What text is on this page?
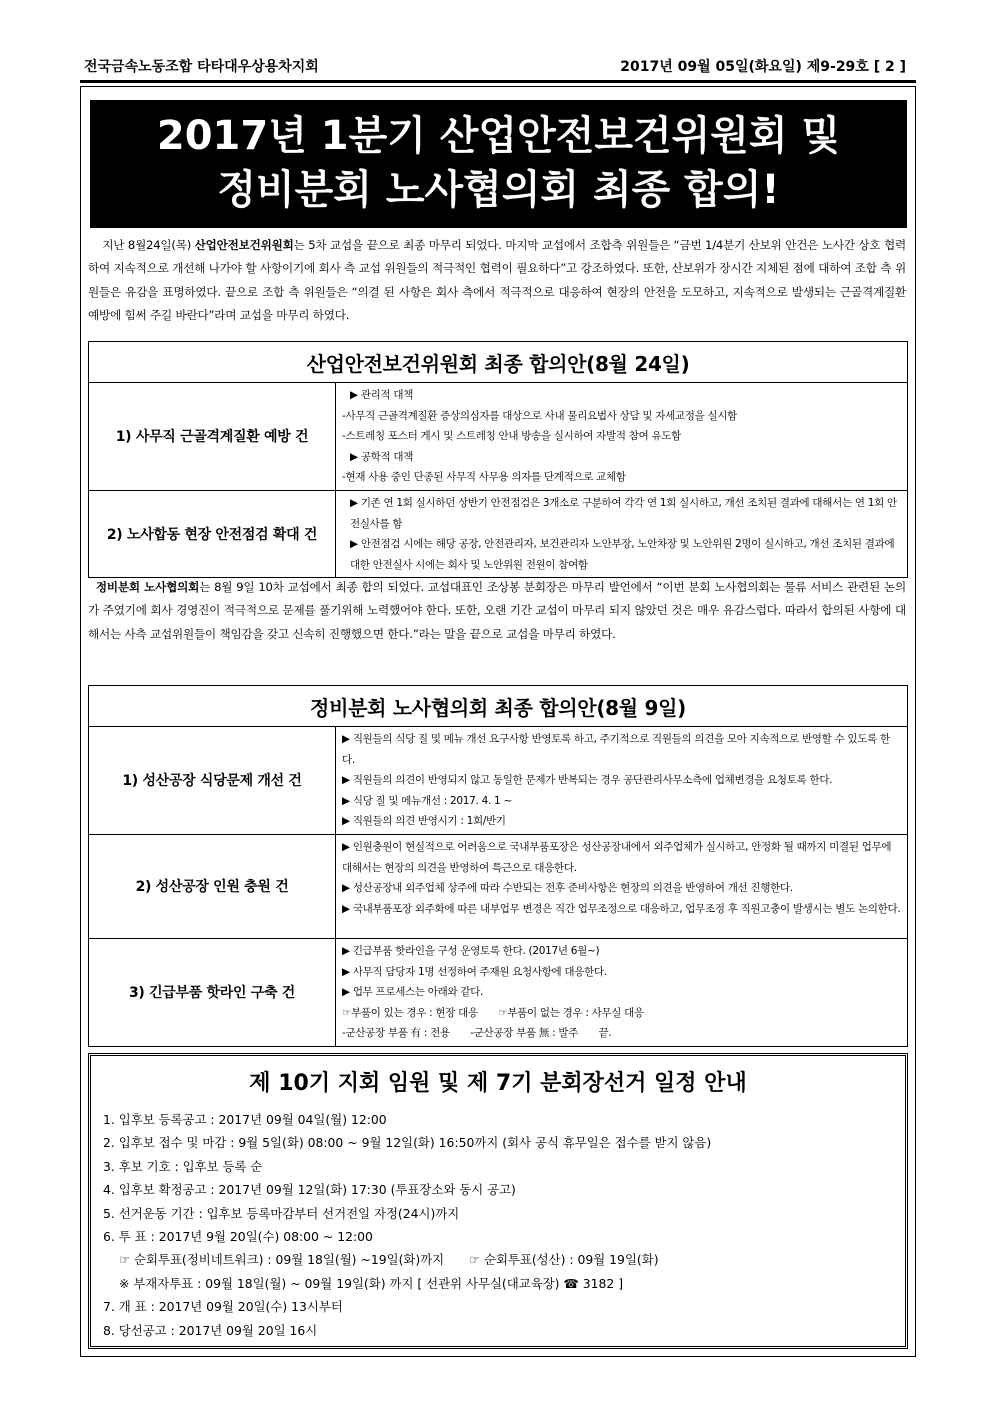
전국금속노동조합 타타대우상용차지회	2017년 09월 05일(화요일) 제9-29호 [ 2 ]
2017년 1분기 산업안전보건위원회 및
정비분회 노사협의회 최종 합의!
지난 8월24일(목) 산업안전보건위원회는 5차 교섭을 끝으로 최종 마무리 되었다. 마지막 교섭에서 조합측 위원들은 “금번 1/4분기 산보위 안건은 노사간 상호 협력하여 지속적으로 개선해 나가야 할 사항이기에 회사 측 교섭 위원들의 적극적인 협력이 필요하다”고 강조하였다. 또한, 산보위가 장시간 지체된 점에 대하여 조합 측 위원들은 유감을 표명하였다. 끝으로 조합 측 위원들은 “의결 된 사항은 회사 측에서 적극적으로 대응하여 현장의 안전을 도모하고, 지속적으로 발생되는 근골격계질환 예방에 힘써 주길 바란다”라며 교섭을 마무리 하였다.
산업안전보건위원회 최종 합의안(8월 24일)	
1) 사무직 근골격계질환 예방 건	▶ 관리적 대책
-사무직 근골격계질환 증상의심자를 대상으로 사내 물리요법사 상담 및 자세교정을 실시함
-스트레칭 포스터 게시 및 스트레칭 안내 방송을 실시하여 자발적 참여 유도함
▶ 공학적 대책
-현재 사용 중인 단종된 사무직 사무용 의자를 단계적으로 교체함

2) 노사합동 현장 안전점검 확대 건	▶ 기존 연 1회 실시하던 상반기 안전점검은 3개소로 구분하여 각각 연 1회 실시하고, 개선 조치된 결과에 대해서는 연 1회 안전실사를 함
▶ 안전점검 시에는 해당 공장, 안전관리자, 보건관리자 노안부장, 노안차장 및 노안위원 2명이 실시하고, 개선 조치된 결과에 대한 안전실사 시에는 회사 및 노안위원 전원이 참여함
정비분회 노사협의회는 8월 9일 10차 교섭에서 최종 합의 되었다. 교섭대표인 조상봉 분회장은 마무리 발언에서 “이번 분회 노사협의회는 물류 서비스 관련된 논의가 주였기에 회사 경영진이 적극적으로 문제를 풀기위해 노력했어야 한다. 또한, 오랜 기간 교섭이 마무리 되지 않았던 것은 매우 유감스럽다. 따라서 합의된 사항에 대해서는 사측 교섭위원들이 책임감을 갖고 신속히 진행했으면 한다.”라는 말을 끝으로 교섭을 마무리 하였다.
정비분회 노사협의회 최종 합의안(8월 9일)	
1) 성산공장 식당문제 개선 건	▶ 직원들의 식당 질 및 메뉴 개선 요구사항 반영토록 하고, 주기적으로 직원들의 의견을 모아 지속적으로 반영할 수 있도록 한다.
▶ 직원들의 의견이 반영되지 않고 동일한 문제가 반복되는 경우 공단관리사무소측에 업체변경을 요청토록 한다.
▶ 식당 질 및 메뉴개선 : 2017. 4. 1 ~
▶ 직원들의 의견 반영시기 : 1회/반기

2) 성산공장 인원 충원 건	▶ 인원충원이 현실적으로 어려움으로 국내부품포장은 성산공장내에서 외주업체가 실시하고, 안정화 될 때까지 미결된 업무에 대해서는 현장의 의견을 반영하여 특근으로 대응한다.
▶ 성산공장내 외주업체 상주에 따라 수반되는 전후 준비사항은 현장의 의견을 반영하여 개선 진행한다.
▶ 국내부품포장 외주화에 따른 내부업무 변경은 직간 업무조정으로 대응하고, 업무조정 후 직원고충이 발생시는 별도 논의한다.

3) 긴급부품 핫라인 구축 건	▶ 긴급부품 핫라인을 구성 운영토록 한다. (2017년 6월~)
▶ 사무직 담당자 1명 선정하여 주재원 요청사항에 대응한다.
▶ 업무 프로세스는 아래와 같다.
☞부품이 있는 경우 : 현장 대응　　☞부품이 없는 경우 : 사무실 대응
-군산공장 부품 有 : 전용　　-군산공장 부품 無 : 발주　　끝.
제 10기 지회 임원 및 제 7기 분회장선거 일정 안내
1. 입후보 등록공고 : 2017년 09월 04일(월) 12:00
2. 입후보 접수 및 마감 : 9월 5일(화) 08:00 ~ 9월 12일(화) 16:50까지 (회사 공식 휴무일은 접수를 받지 않음)
3. 후보 기호 : 입후보 등록 순
4. 입후보 확정공고 : 2017년 09월 12일(화) 17:30 (투표장소와 동시 공고)
5. 선거운동 기간 : 입후보 등록마감부터 선거전일 자정(24시)까지
6. 투 표 : 2017년 9월 20일(수) 08:00 ~ 12:00
☞ 순회투표(정비네트워크) : 09월 18일(월) ~19일(화)까지　　☞ 순회투표(성산) : 09월 19일(화)
※ 부재자투표 : 09월 18일(월) ~ 09월 19일(화) 까지 [ 선관위 사무실(대교육장) ☎ 3182 ]
7. 개 표 : 2017년 09월 20일(수) 13시부터
8. 당선공고 : 2017년 09월 20일 16시
